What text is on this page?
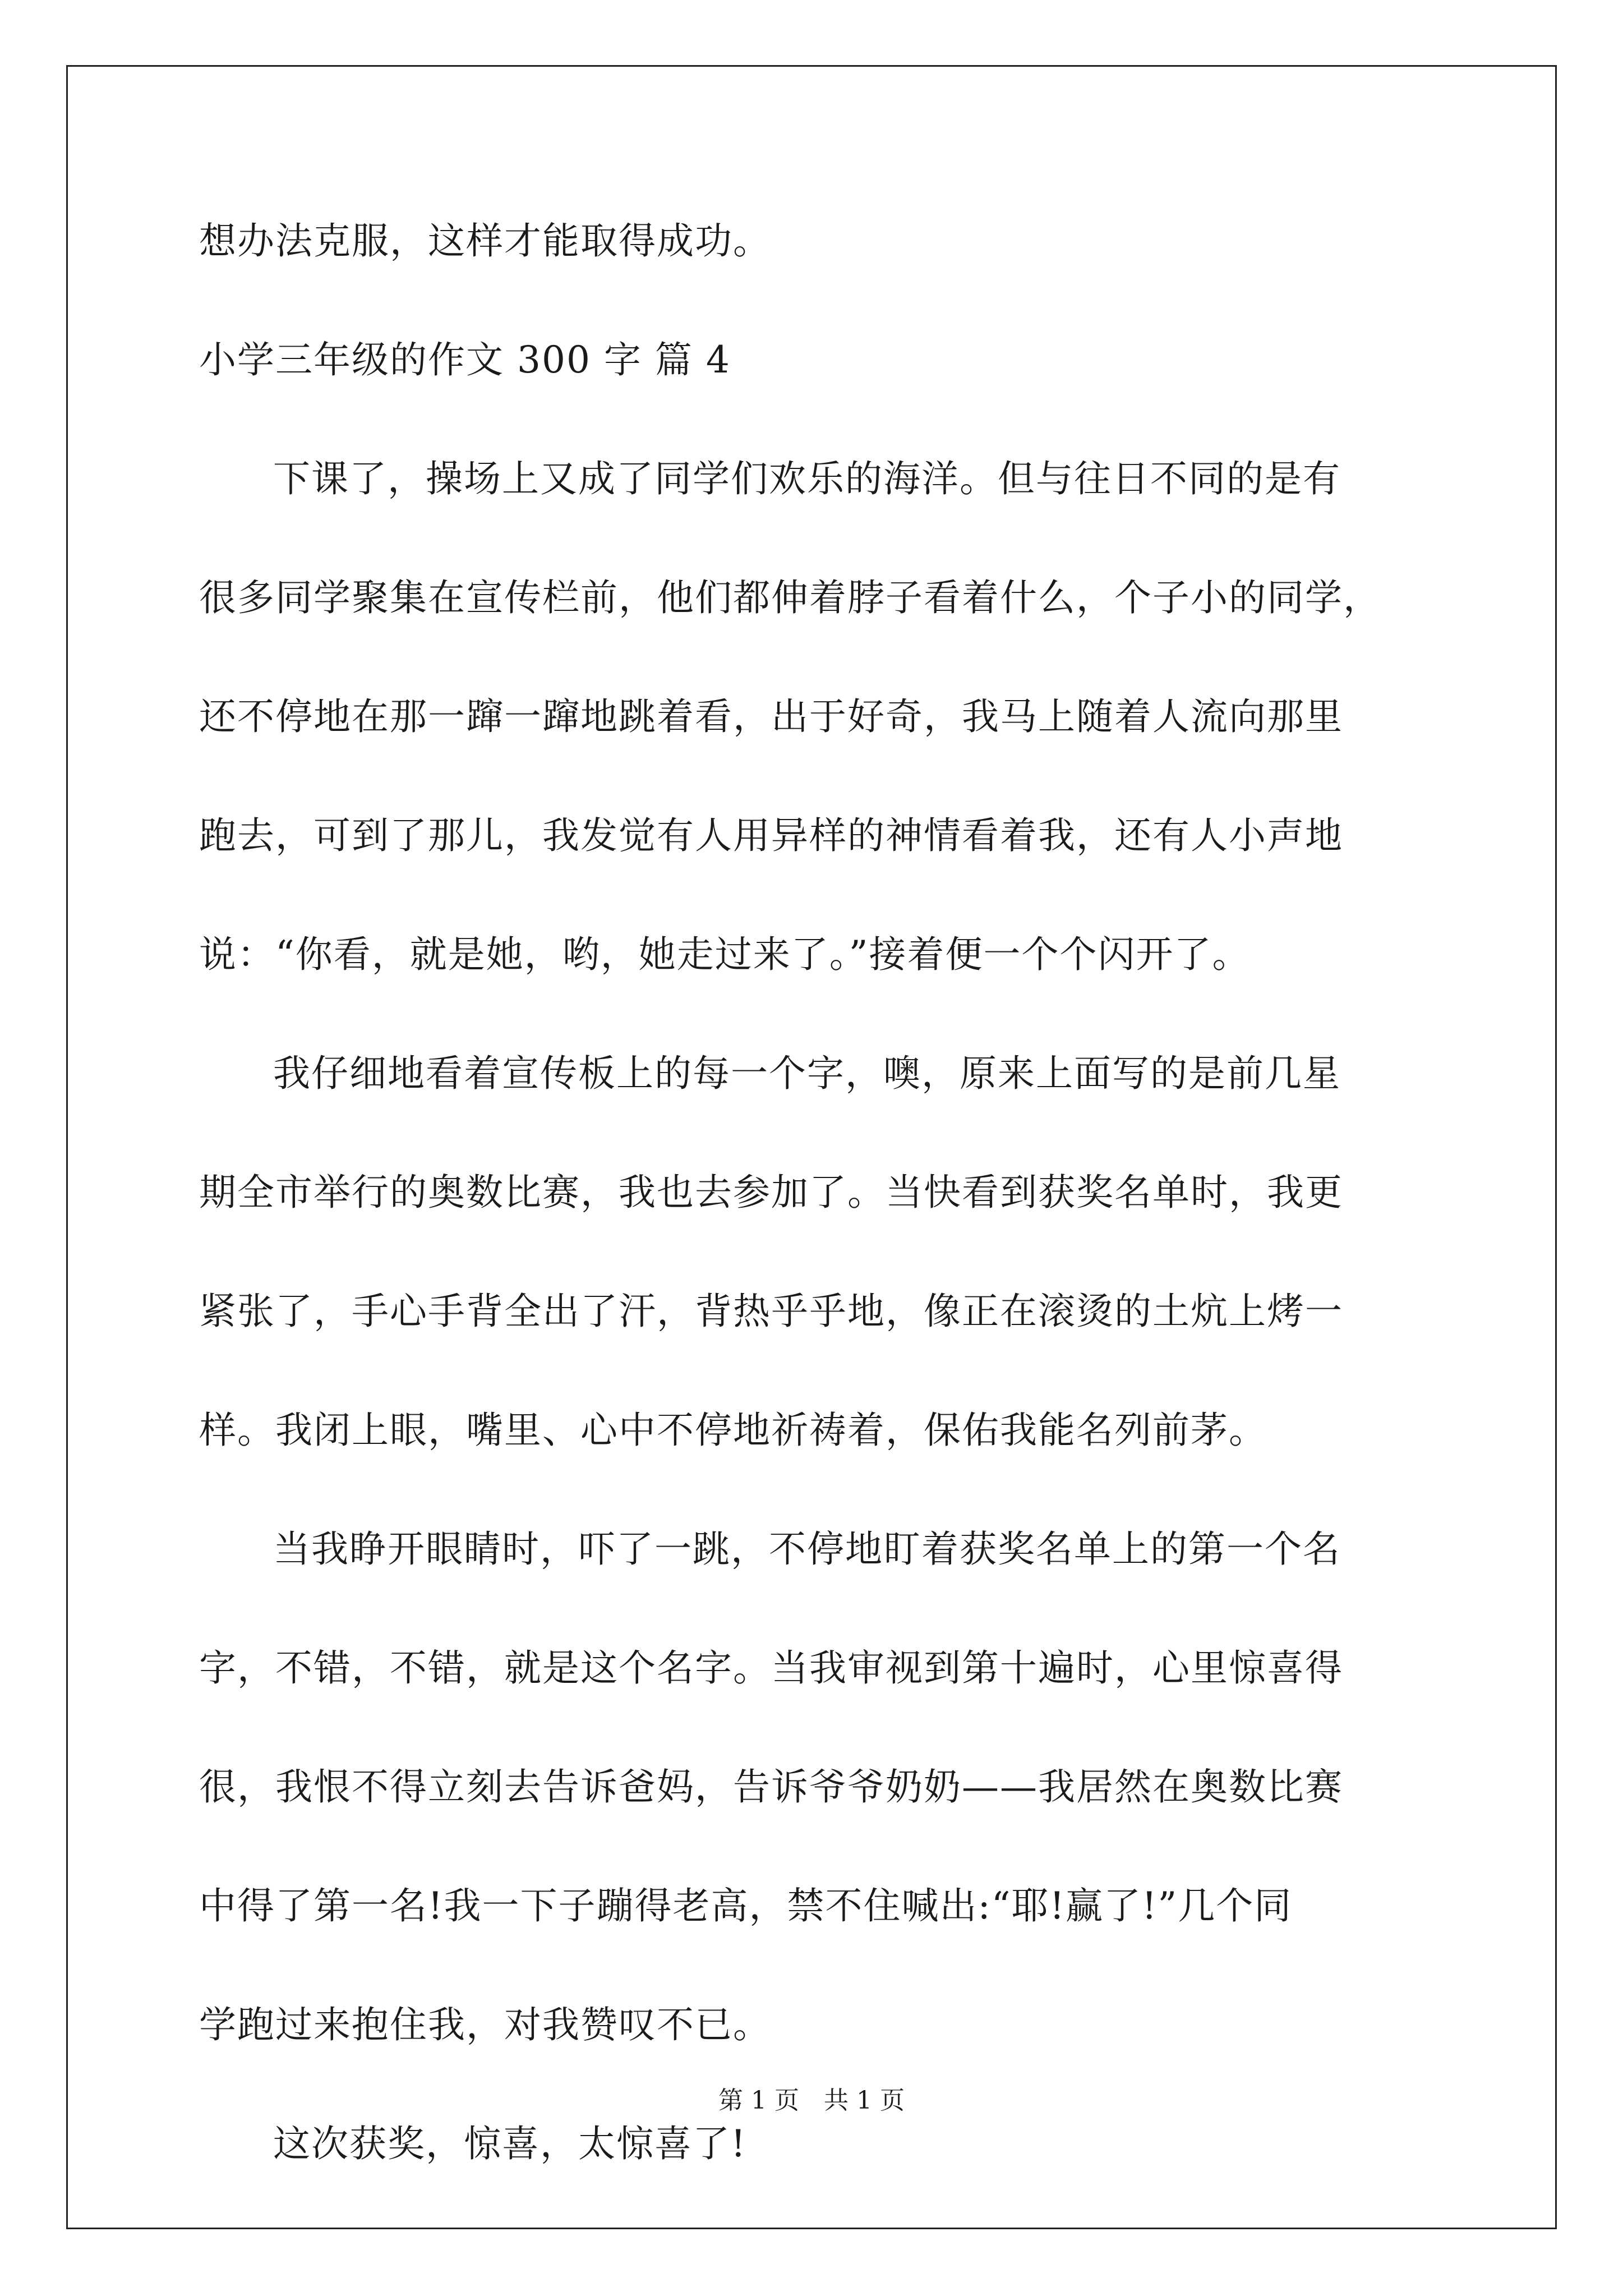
想办法克服，这样才能取得成功。
小学三年级的作文 300 字 篇 4
下课了，操场上又成了同学们欢乐的海洋。但与往日不同的是有
很多同学聚集在宣传栏前，他们都伸着脖子看着什么，个子小的同学，
还不停地在那一蹿一蹿地跳着看，出于好奇，我马上随着人流向那里
跑去，可到了那儿，我发觉有人用异样的神情看着我，还有人小声地
说：“你看，就是她，哟，她走过来了。”接着便一个个闪开了。
我仔细地看着宣传板上的每一个字，噢，原来上面写的是前几星
期全市举行的奥数比赛，我也去参加了。当快看到获奖名单时，我更
紧张了，手心手背全出了汗，背热乎乎地，像正在滚烫的土炕上烤一
样。我闭上眼，嘴里、心中不停地祈祷着，保佑我能名列前茅。
当我睁开眼睛时，吓了一跳，不停地盯着获奖名单上的第一个名
字，不错，不错，就是这个名字。当我审视到第十遍时，心里惊喜得
很，我恨不得立刻去告诉爸妈，告诉爷爷奶奶——我居然在奥数比赛
中得了第一名!我一下子蹦得老高，禁不住喊出:“耶!赢了!”几个同
学跑过来抱住我，对我赞叹不已。
这次获奖，惊喜，太惊喜了!
第 1 页　共 1 页
